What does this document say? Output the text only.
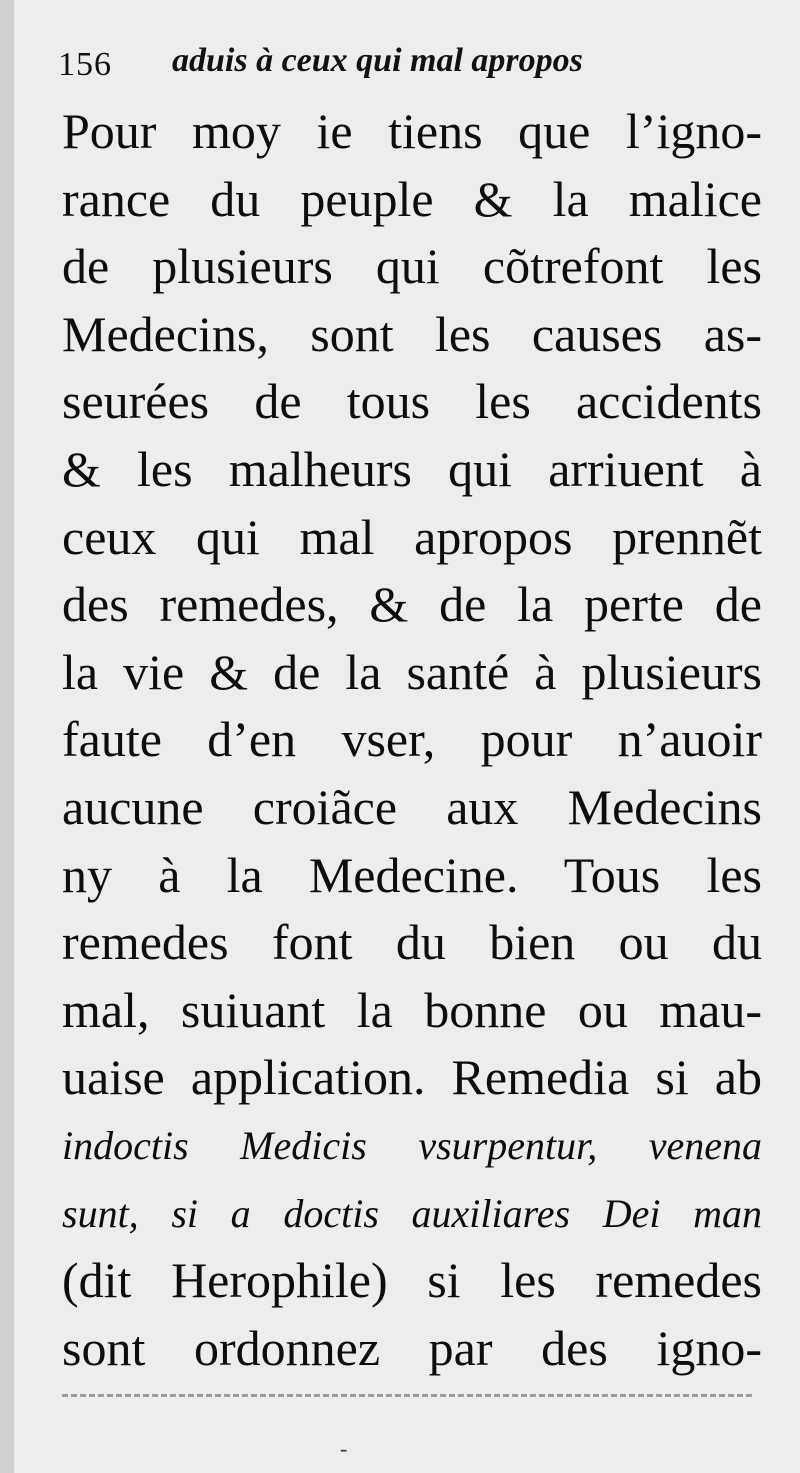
156 aduis à ceux qui mal apropos
Pour moy ie tiens que l’igno-
rance du peuple & la malice
de plusieurs qui cõtrefont les
Medecins, sont les causes as-
seurées de tous les accidents
& les malheurs qui arriuent à
ceux qui mal apropos prennẽt
des remedes, & de la perte de
la vie & de la santé à plusieurs
faute d’en vser, pour n’auoir
aucune croiãce aux Medecins
ny à la Medecine. Tous les
remedes font du bien ou du
mal, suiuant la bonne ou mau-
uaise application. Remedia si ab
indoctis Medicis vsurpentur, venena
sunt, si a doctis auxiliares Dei man
(dit Herophile) si les remedes
sont ordonnez par des igno-
-
